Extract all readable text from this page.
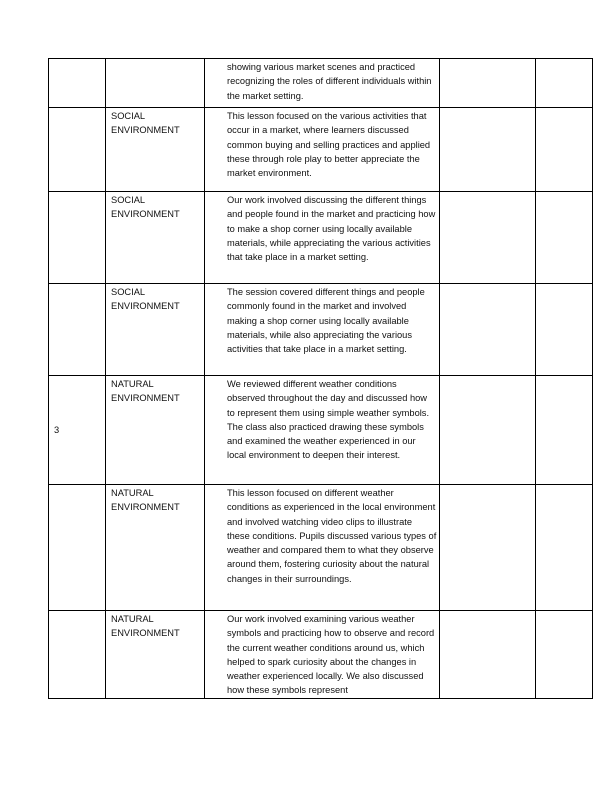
		showing various market scenes and practiced recognizing the roles of different individuals within the market setting.		
	SOCIAL ENVIRONMENT	This lesson focused on the various activities that occur in a market, where learners discussed common buying and selling practices and applied these through role play to better appreciate the market environment.		
	SOCIAL ENVIRONMENT	Our work involved discussing the different things and people found in the market and practicing how to make a shop corner using locally available materials, while appreciating the various activities that take place in a market setting.		
	SOCIAL ENVIRONMENT	The session covered different things and people commonly found in the market and involved making a shop corner using locally available materials, while also appreciating the various activities that take place in a market setting.		
3	NATURAL ENVIRONMENT	We reviewed different weather conditions observed throughout the day and discussed how to represent them using simple weather symbols. The class also practiced drawing these symbols and examined the weather experienced in our local environment to deepen their interest.		
	NATURAL ENVIRONMENT	This lesson focused on different weather conditions as experienced in the local environment and involved watching video clips to illustrate these conditions. Pupils discussed various types of weather and compared them to what they observe around them, fostering curiosity about the natural changes in their surroundings.		
	NATURAL ENVIRONMENT	Our work involved examining various weather symbols and practicing how to observe and record the current weather conditions around us, which helped to spark curiosity about the changes in weather experienced locally. We also discussed how these symbols represent		
